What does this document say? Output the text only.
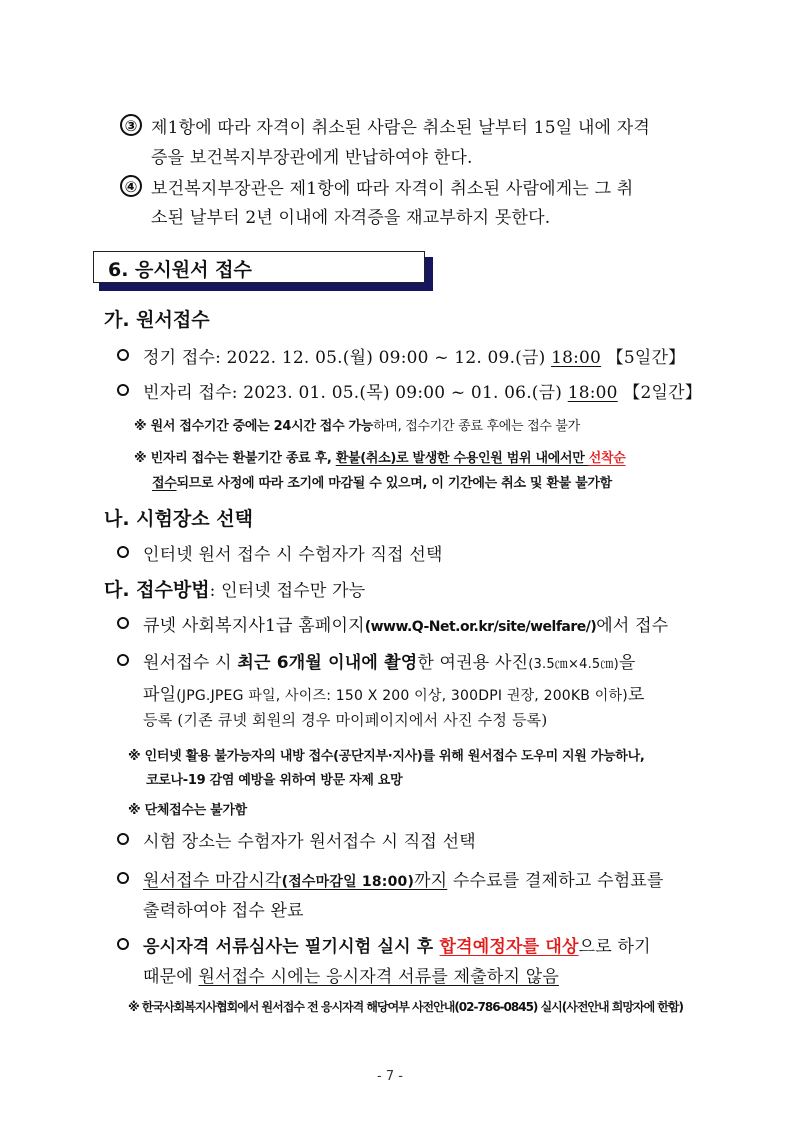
③ 제1항에 따라 자격이 취소된 사람은 취소된 날부터 15일 내에 자격
증을 보건복지부장관에게 반납하여야 한다.
④ 보건복지부장관은 제1항에 따라 자격이 취소된 사람에게는 그 취
소된 날부터 2년 이내에 자격증을 재교부하지 못한다.
6. 응시원서 접수
가. 원서접수
정기 접수: 2022. 12. 05.(월) 09:00 ~ 12. 09.(금) 18:00 【5일간】
빈자리 접수: 2023. 01. 05.(목) 09:00 ~ 01. 06.(금) 18:00 【2일간】
※ 원서 접수기간 중에는 24시간 접수 가능하며, 접수기간 종료 후에는 접수 불가
※ 빈자리 접수는 환불기간 종료 후, 환불(취소)로 발생한 수용인원 범위 내에서만 선착순
접수되므로 사정에 따라 조기에 마감될 수 있으며, 이 기간에는 취소 및 환불 불가함
나. 시험장소 선택
인터넷 원서 접수 시 수험자가 직접 선택
다. 접수방법: 인터넷 접수만 가능
큐넷 사회복지사1급 홈페이지(www.Q-Net.or.kr/site/welfare/)에서 접수
원서접수 시 최근 6개월 이내에 촬영한 여권용 사진(3.5㎝×4.5㎝)을
파일(JPG.JPEG 파일, 사이즈: 150 X 200 이상, 300DPI 권장, 200KB 이하)로
등록 (기존 큐넷 회원의 경우 마이페이지에서 사진 수정 등록)
※ 인터넷 활용 불가능자의 내방 접수(공단지부·지사)를 위해 원서접수 도우미 지원 가능하나,
코로나-19 감염 예방을 위하여 방문 자제 요망
※ 단체접수는 불가함
시험 장소는 수험자가 원서접수 시 직접 선택
원서접수 마감시각(접수마감일 18:00)까지 수수료를 결제하고 수험표를
출력하여야 접수 완료
응시자격 서류심사는 필기시험 실시 후 합격예정자를 대상으로 하기
때문에 원서접수 시에는 응시자격 서류를 제출하지 않음
※ 한국사회복지사협회에서 원서접수 전 응시자격 해당여부 사전안내(02-786-0845) 실시(사전안내 희망자에 한함)
- 7 -
